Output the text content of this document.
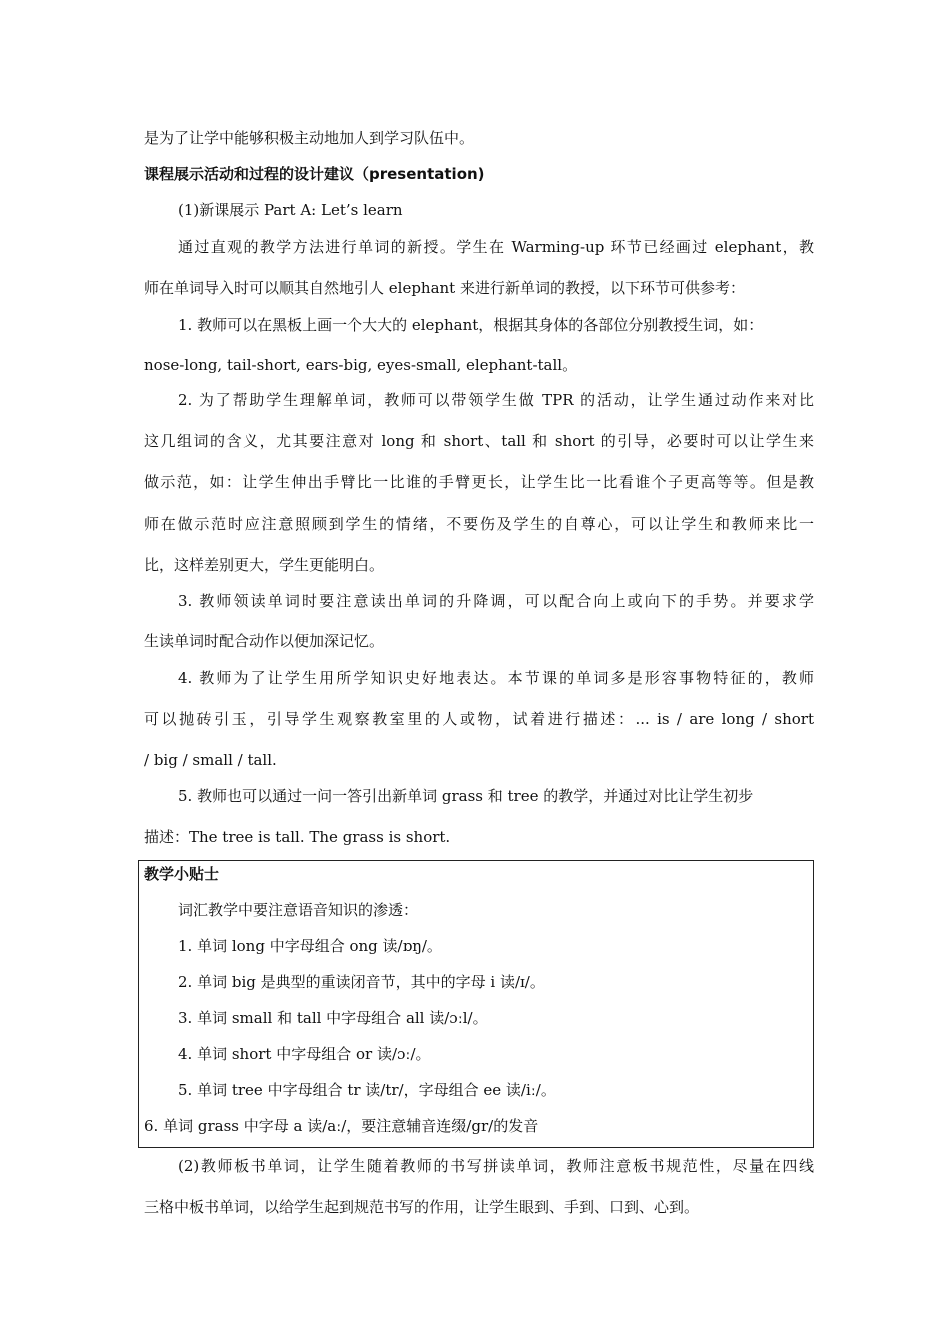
是为了让学中能够积极主动地加人到学习队伍中。
课程展示活动和过程的设计建议（presentation)
(1)新课展示 Part A: Let’s learn
通过直观的教学方法进行单词的新授。学生在 Warming-up 环节已经画过 elephant，教
师在单词导入时可以顺其自然地引人 elephant 来进行新单词的教授，以下环节可供参考：
1. 教师可以在黑板上画一个大大的 elephant，根据其身体的各部位分别教授生词，如：
nose-long, tail-short, ears-big, eyes-small, elephant-tall。
2. 为了帮助学生理解单词，教师可以带领学生做 TPR 的活动，让学生通过动作来对比
这几组词的含义，尤其要注意对 long 和 short、tall 和 short 的引导，必要时可以让学生来
做示范，如：让学生伸出手臂比一比谁的手臂更长，让学生比一比看谁个子更高等等。但是教
师在做示范时应注意照顾到学生的情绪，不要伤及学生的自尊心，可以让学生和教师来比一
比，这样差别更大，学生更能明白。
3. 教师领读单词时要注意读出单词的升降调，可以配合向上或向下的手势。并要求学
生读单词时配合动作以便加深记忆。
4. 教师为了让学生用所学知识史好地表达。本节课的单词多是形容事物特征的，教师
可以抛砖引玉，引导学生观察教室里的人或物，试着进行描述：... is / are long / short
/ big / small / tall.
5. 教师也可以通过一问一答引出新单词 grass 和 tree 的教学，并通过对比让学生初步
描述：The tree is tall. The grass is short.
教学小贴士
词汇教学中要注意语音知识的渗透：
1. 单词 long 中字母组合 ong 读/ɒŋ/。
2. 单词 big 是典型的重读闭音节，其中的字母 i 读/ɪ/。
3. 单词 small 和 tall 中字母组合 all 读/ɔːl/。
4. 单词 short 中字母组合 or 读/ɔː/。
5. 单词 tree 中字母组合 tr 读/tr/，字母组合 ee 读/iː/。
6. 单词 grass 中字母 a 读/aː/，要注意辅音连缀/gr/的发音
(2)教师板书单词，让学生随着教师的书写拼读单词，教师注意板书规范性，尽量在四线
三格中板书单词，以给学生起到规范书写的作用，让学生眼到、手到、口到、心到。
